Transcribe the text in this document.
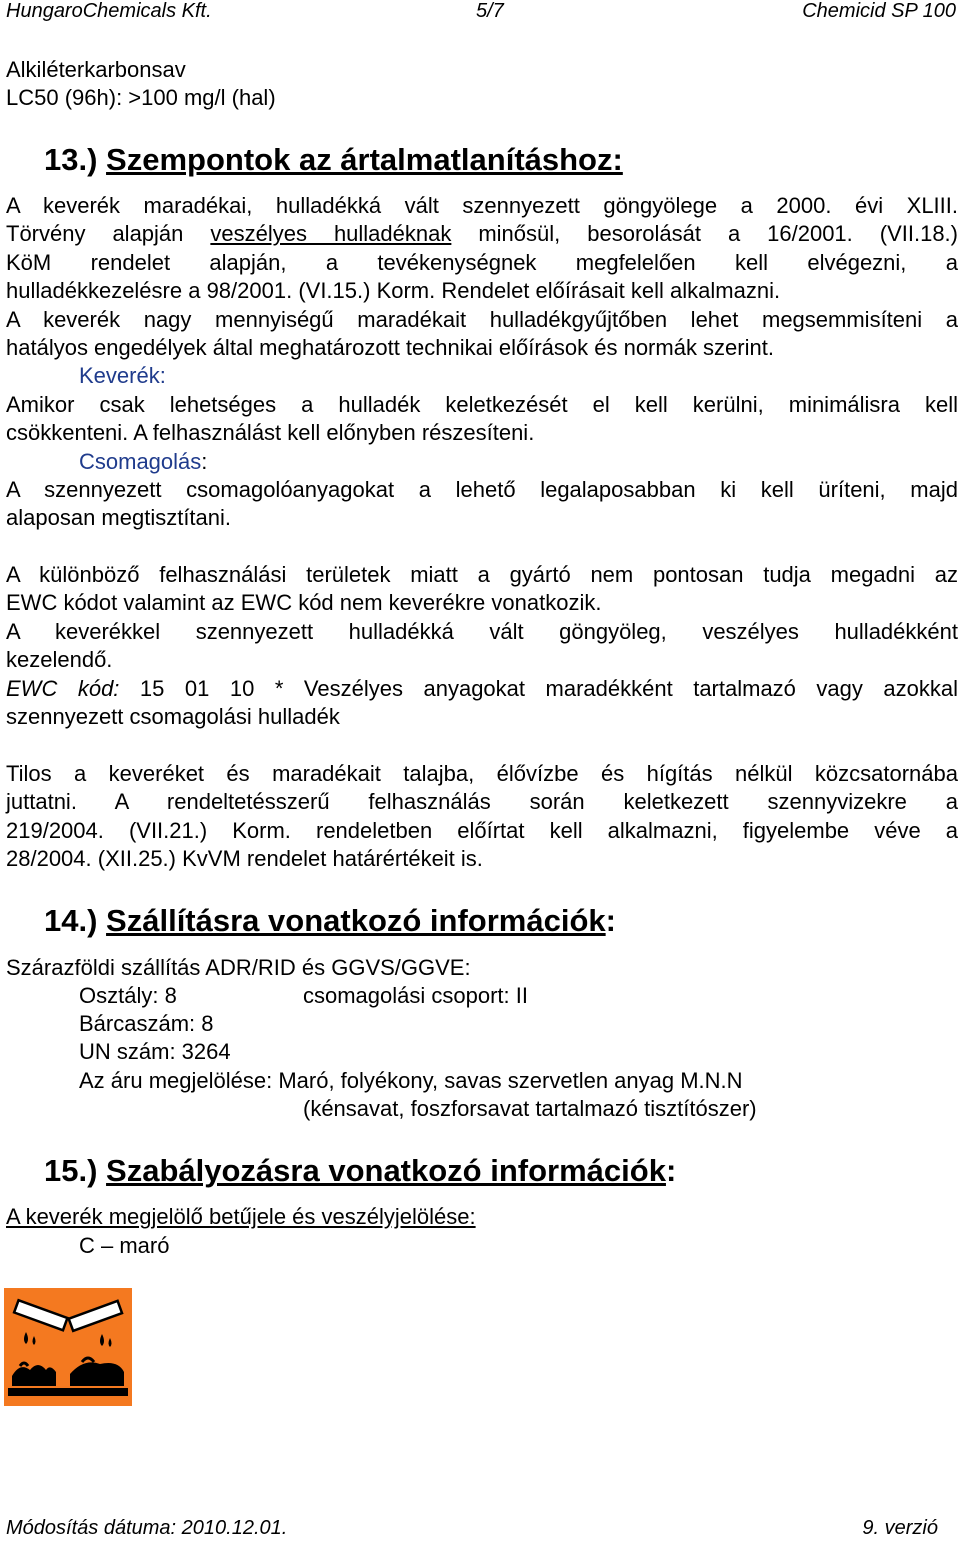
HungaroChemicals Kft.	5/7	Chemicid SP 100
Alkiléterkarbonsav
LC50 (96h): >100 mg/l (hal)
13.) Szempontok az ártalmatlanításhoz:
A keverék maradékai, hulladékká vált szennyezett göngyölege a 2000. évi XLIII.
Törvény alapján veszélyes hulladéknak minősül, besorolását a 16/2001. (VII.18.)
KöM rendelet alapján, a tevékenységnek megfelelően kell elvégezni, a
hulladékkezelésre a 98/2001. (VI.15.) Korm. Rendelet előírásait kell alkalmazni.
A keverék nagy mennyiségű maradékait hulladékgyűjtőben lehet megsemmisíteni a
hatályos engedélyek által meghatározott technikai előírások és normák szerint.
Keverék:
Amikor csak lehetséges a hulladék keletkezését el kell kerülni, minimálisra kell
csökkenteni. A felhasználást kell előnyben részesíteni.
Csomagolás:
A szennyezett csomagolóanyagokat a lehető legalaposabban ki kell üríteni, majd
alaposan megtisztítani.
A különböző felhasználási területek miatt a gyártó nem pontosan tudja megadni az
EWC kódot valamint az EWC kód nem keverékre vonatkozik.
A keverékkel szennyezett hulladékká vált göngyöleg, veszélyes hulladékként
kezelendő.
EWC kód: 15 01 10 * Veszélyes anyagokat maradékként tartalmazó vagy azokkal
szennyezett csomagolási hulladék
Tilos a keveréket és maradékait talajba, élővízbe és hígítás nélkül közcsatornába
juttatni. A rendeltetésszerű felhasználás során keletkezett szennyvizekre a
219/2004. (VII.21.) Korm. rendeletben előírtat kell alkalmazni, figyelembe véve a
28/2004. (XII.25.) KvVM rendelet határértékeit is.
14.) Szállításra vonatkozó információk:
Szárazföldi szállítás ADR/RID és GGVS/GGVE:
Osztály: 8	csomagolási csoport: II
Bárcaszám: 8
UN szám: 3264
Az áru megjelölése: Maró, folyékony, savas szervetlen anyag M.N.N
(kénsavat, foszforsavat tartalmazó tisztítószer)
15.) Szabályozásra vonatkozó információk:
A keverék megjelölő betűjele és veszélyjelölése:
C – maró
Módosítás dátuma: 2010.12.01.	9. verzió
